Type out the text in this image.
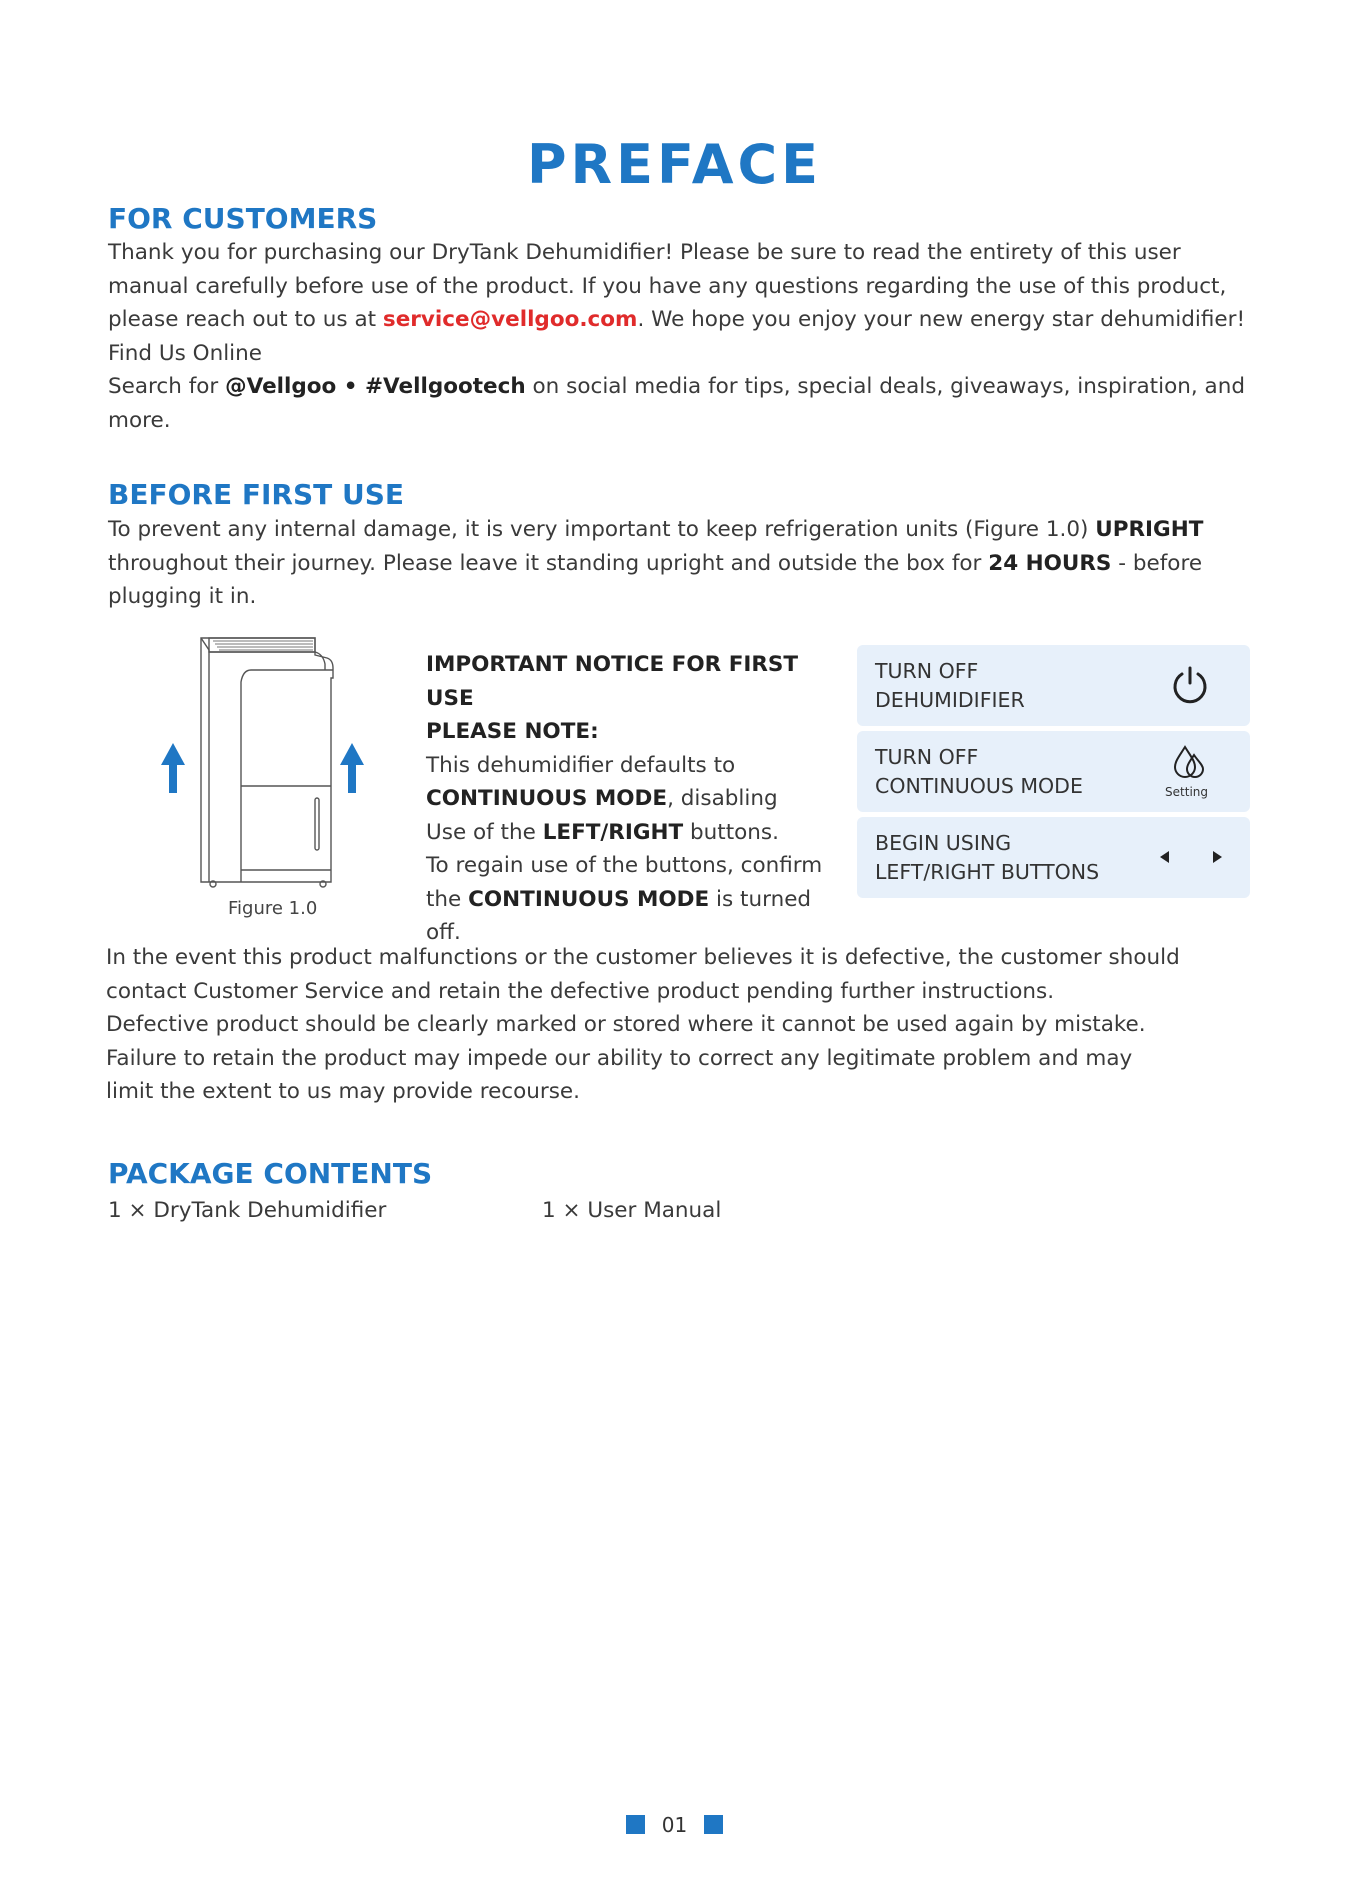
PREFACE
FOR CUSTOMERS
Thank you for purchasing our DryTank Dehumidifier! Please be sure to read the entirety of this user
manual carefully before use of the product. If you have any questions regarding the use of this product,
please reach out to us at service@vellgoo.com. We hope you enjoy your new energy star dehumidifier!
Find Us Online
Search for @Vellgoo • #Vellgootech on social media for tips, special deals, giveaways, inspiration, and
more.
BEFORE FIRST USE
To prevent any internal damage, it is very important to keep refrigeration units (Figure 1.0) UPRIGHT
throughout their journey. Please leave it standing upright and outside the box for 24 HOURS - before
plugging it in.
Figure 1.0
IMPORTANT NOTICE FOR FIRST USE
PLEASE NOTE:
This dehumidifier defaults to
CONTINUOUS MODE, disabling
Use of the LEFT/RIGHT buttons.
To regain use of the buttons, confirm
the CONTINUOUS MODE is turned off.
TURN OFF
DEHUMIDIFIER
TURN OFF
CONTINUOUS MODE	Setting
BEGIN USING
LEFT/RIGHT BUTTONS
In the event this product malfunctions or the customer believes it is defective, the customer should
contact Customer Service and retain the defective product pending further instructions.
Defective product should be clearly marked or stored where it cannot be used again by mistake.
Failure to retain the product may impede our ability to correct any legitimate problem and may
limit the extent to us may provide recourse.
PACKAGE CONTENTS
1 × DryTank Dehumidifier	1 × User Manual
01
